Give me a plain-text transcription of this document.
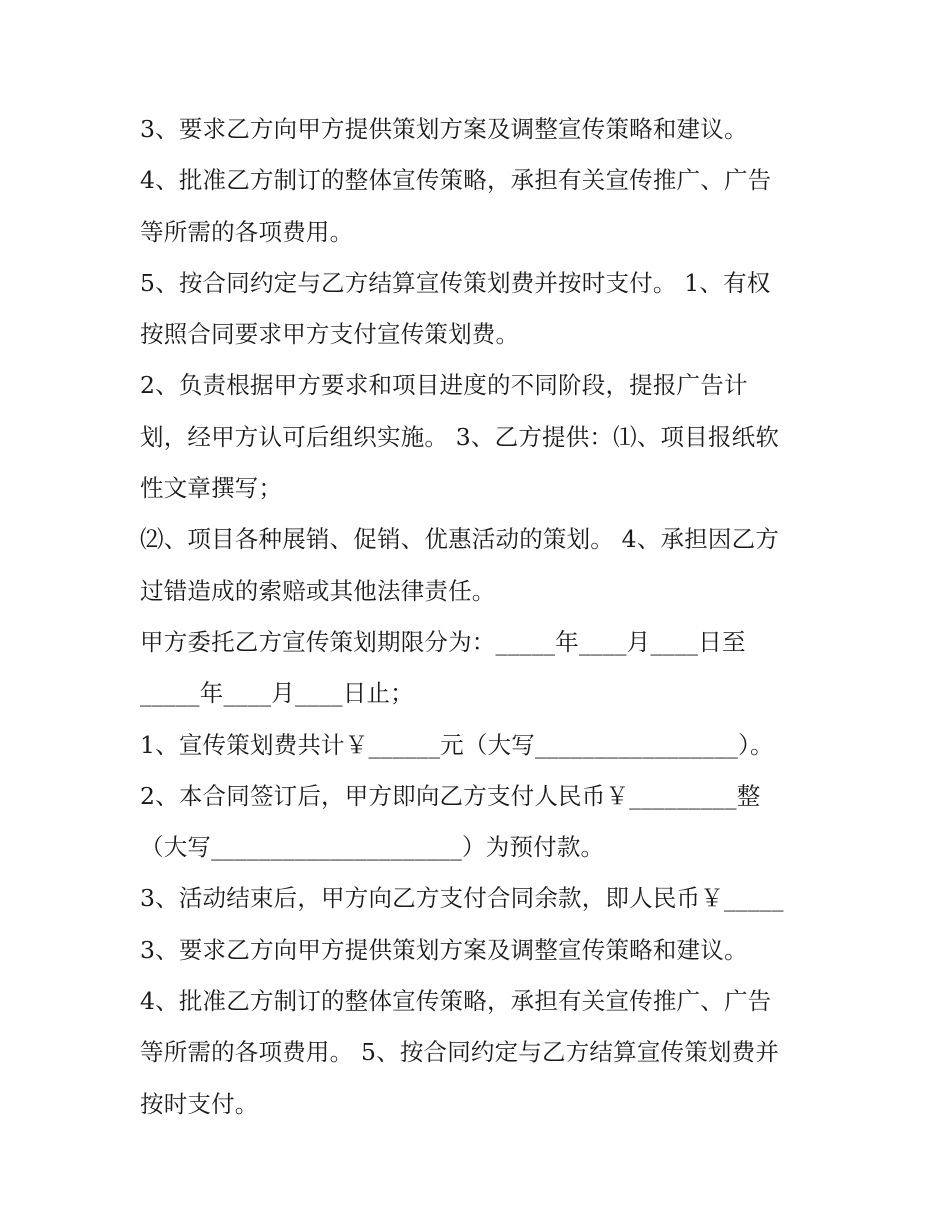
3、要求乙方向甲方提供策划方案及调整宣传策略和建议。
4、批准乙方制订的整体宣传策略，承担有关宣传推广、广告
等所需的各项费用。
5、按合同约定与乙方结算宣传策划费并按时支付。 1、有权
按照合同要求甲方支付宣传策划费。
2、负责根据甲方要求和项目进度的不同阶段，提报广告计
划，经甲方认可后组织实施。 3、乙方提供：⑴、项目报纸软
性文章撰写；
⑵、项目各种展销、促销、优惠活动的策划。 4、承担因乙方
过错造成的索赔或其他法律责任。
甲方委托乙方宣传策划期限分为：_____年____月____日至
_____年____月____日止；
1、宣传策划费共计￥______元（大写_________________）。
2、本合同签订后，甲方即向乙方支付人民币￥_________整
（大写_____________________）为预付款。
3、活动结束后，甲方向乙方支付合同余款，即人民币￥_____
3、要求乙方向甲方提供策划方案及调整宣传策略和建议。
4、批准乙方制订的整体宣传策略，承担有关宣传推广、广告
等所需的各项费用。 5、按合同约定与乙方结算宣传策划费并
按时支付。
